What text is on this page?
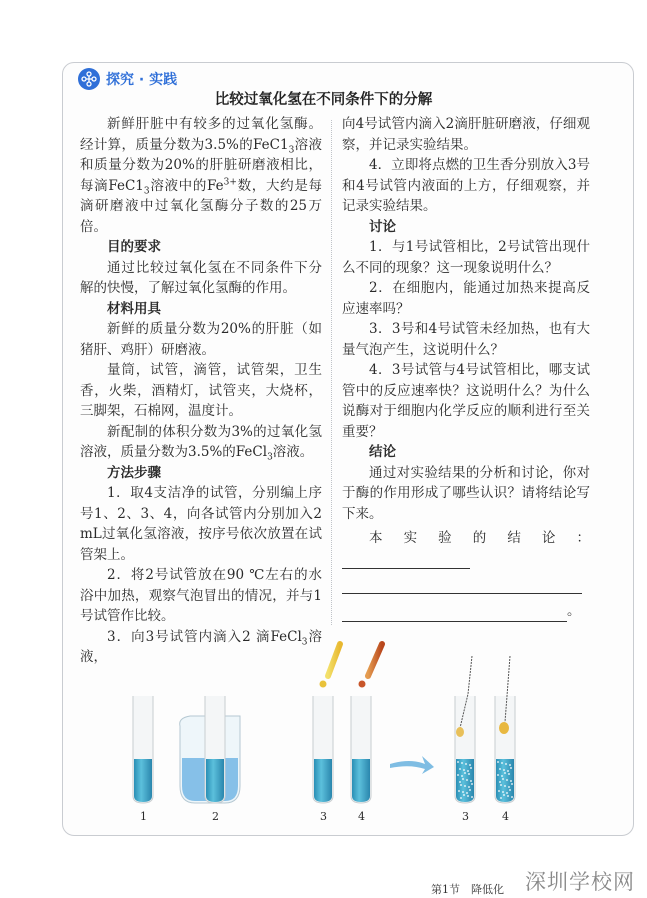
探究 · 实践
比较过氧化氢在不同条件下的分解

新鲜肝脏中有较多的过氧化氢酶。经计算，质量分数为3.5%的$FeC1_3$溶液和质量分数为20%的肝脏研磨液相比，每滴$FeC1_3$溶液中的$Fe^{3+}$数，大约是每滴研磨液中过氧化氢酶分子数的25万倍。

目的要求

通过比较过氧化氢在不同条件下分解的快慢，了解过氧化氢酶的作用。

材料用具

新鲜的质量分数为20%的肝脏（如猪肝、鸡肝）研磨液。

量筒，试管，滴管，试管架，卫生香，火柴，酒精灯，试管夹，大烧杯，三脚架，石棉网，温度计。

新配制的体积分数为3%的过氧化氢溶液，质量分数为3.5%的FeCl$_3$溶液。

方法步骤

1．取4支洁净的试管，分别编上序号1、2、3、4，向各试管内分别加入2 mL过氧化氢溶液，按序号依次放置在试管架上。

2．将2号试管放在90 ℃左右的水浴中加热，观察气泡冒出的情况，并与1号试管作比较。

3．向3号试管内滴入2 滴FeCl$_3$溶液，

向4号试管内滴入2滴肝脏研磨液，仔细观察，并记录实验结果。

4．立即将点燃的卫生香分别放入3号和4号试管内液面的上方，仔细观察，并记录实验结果。

讨论

1．与1号试管相比，2号试管出现什么不同的现象？这一现象说明什么？

2．在细胞内，能通过加热来提高反应速率吗？

3．3号和4号试管未经加热，也有大量气泡产生，这说明什么？

4．3号试管与4号试管相比，哪支试管中的反应速率快？这说明什么？为什么说酶对于细胞内化学反应的顺利进行至关重要？

结论

通过对实验结果的分析和讨论，你对于酶的作用形成了哪些认识？请将结论写下来。

本实验的结论：

。
1	2	3	4	3	4
第1节　降低化 深圳学校网
